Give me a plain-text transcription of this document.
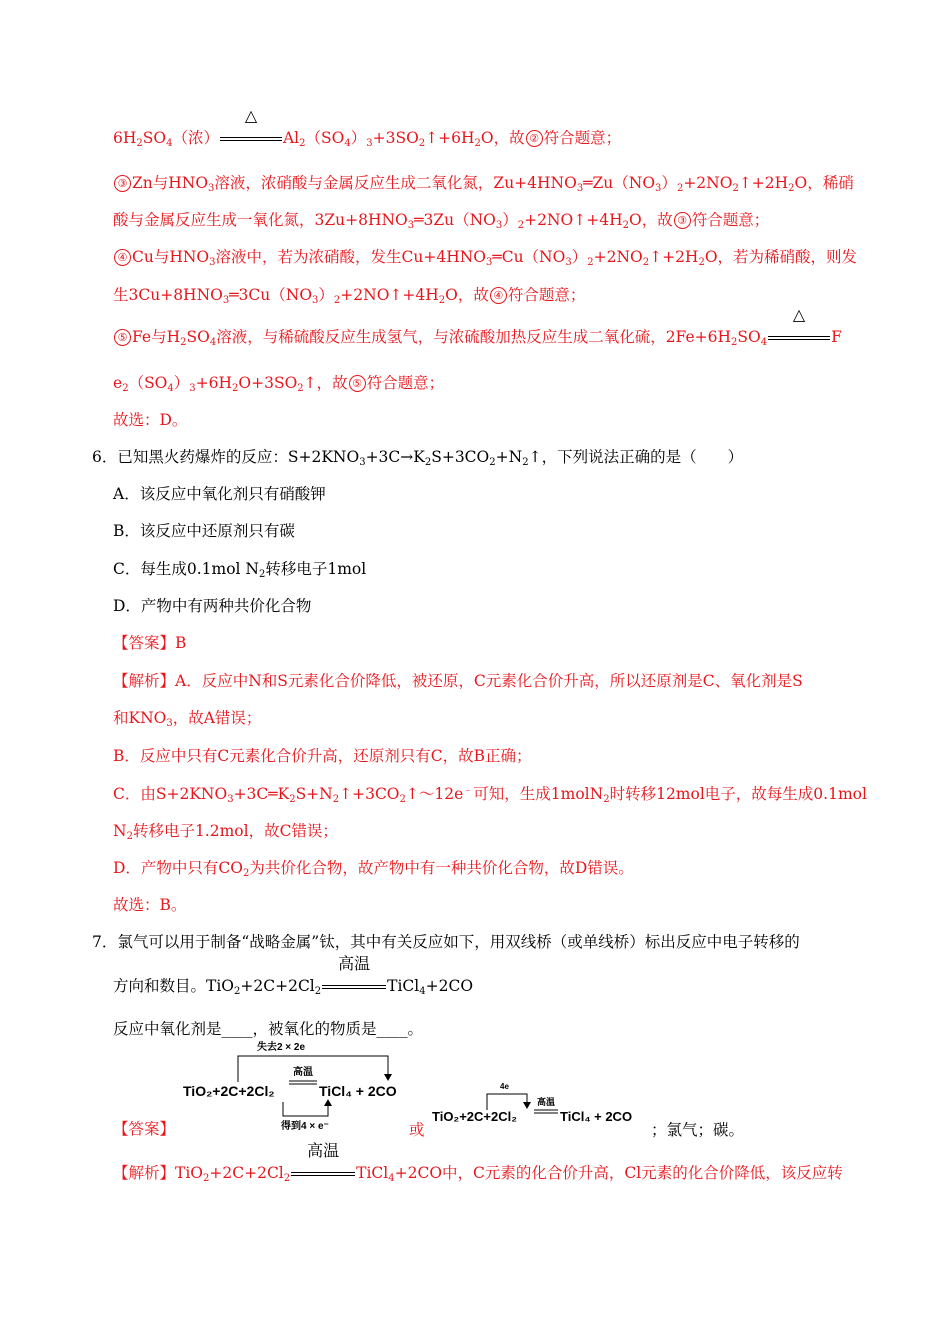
$6H_2SO_4$（浓）
△
$Al_2(SO_4)_3+3SO_2↑+6H_2O$，故 ② 符合题意；
③ Zn与$HNO_3$溶液，浓硝酸与金属反应生成二氧化氮，$Zu+4HNO_3═Zu(NO_3)_2+2NO_2↑+2H_2O$，稀硝
酸与金属反应生成一氧化氮，$3Zu+8HNO_3═3Zu(NO_3)_2+2NO↑+4H_2O$，故 ③ 符合题意；
④ Cu与$HNO_3$溶液中，若为浓硝酸，发生$Cu+4HNO_3═Cu(NO_3)_2+2NO_2↑+2H_2O$，若为稀硝酸，则发
生$3Cu+8HNO_3═3Cu(NO_3)_2+2NO↑+4H_2O$，故 ④ 符合题意；
⑤ Fe与$H_2SO_4$溶液，与稀硫酸反应生成氢气，与浓硫酸加热反应生成二氧化硫，$2Fe+6H_2SO_4$
△
F
$e_2(SO_4)_3+6H_2O+3SO_2↑$，故 ⑤ 符合题意；
故选：D。
6．已知黑火药爆炸的反应：$S+2KNO_3+3C\to K_2S+3CO_2+N_2↑$，下列说法正确的是（　　）
A．该反应中氧化剂只有硝酸钾
B．该反应中还原剂只有碳
C．每生成0.1mol $N_2$转移电子1mol
D．产物中有两种共价化合物
【答案】B
【解析】A．反应中N和S元素化合价降低，被还原，C元素化合价升高，所以还原剂是C、氧化剂是S
和$KNO_3$，故A错误；
B．反应中只有C元素化合价升高，还原剂只有C，故B正确；
C．由$S+2KNO_3+3C═K_2S+N_2↑+3CO_2↑\sim 12e^﹣$可知，生成1molN$_2$时转移12mol电子，故每生成0.1mol
$N_2$转移电子1.2mol，故C错误；
D．产物中只有$CO_2$为共价化合物，故产物中有一种共价化合物，故D错误。
故选：B。
7．氯气可以用于制备“战略金属”钛，其中有关反应如下，用双线桥（或单线桥）标出反应中电子转移的
方向和数目。$TiO_2+2C+2Cl_2$
高温
TiCl$_4$+2CO
反应中氧化剂是____，被氧化的物质是____。
【答案】
失去2 × 2e
高温
TiO₂+2C+2Cl₂	TiCl₄ + 2CO
得到4 × e⁻	或
4e
高温
TiO₂+2C+2Cl₂	TiCl₄ + 2CO
；氯气；碳。
【解析】$TiO_2+2C+2Cl_2$
高温
TiCl$_4$+2CO中，C元素的化合价升高，Cl元素的化合价降低，该反应转
